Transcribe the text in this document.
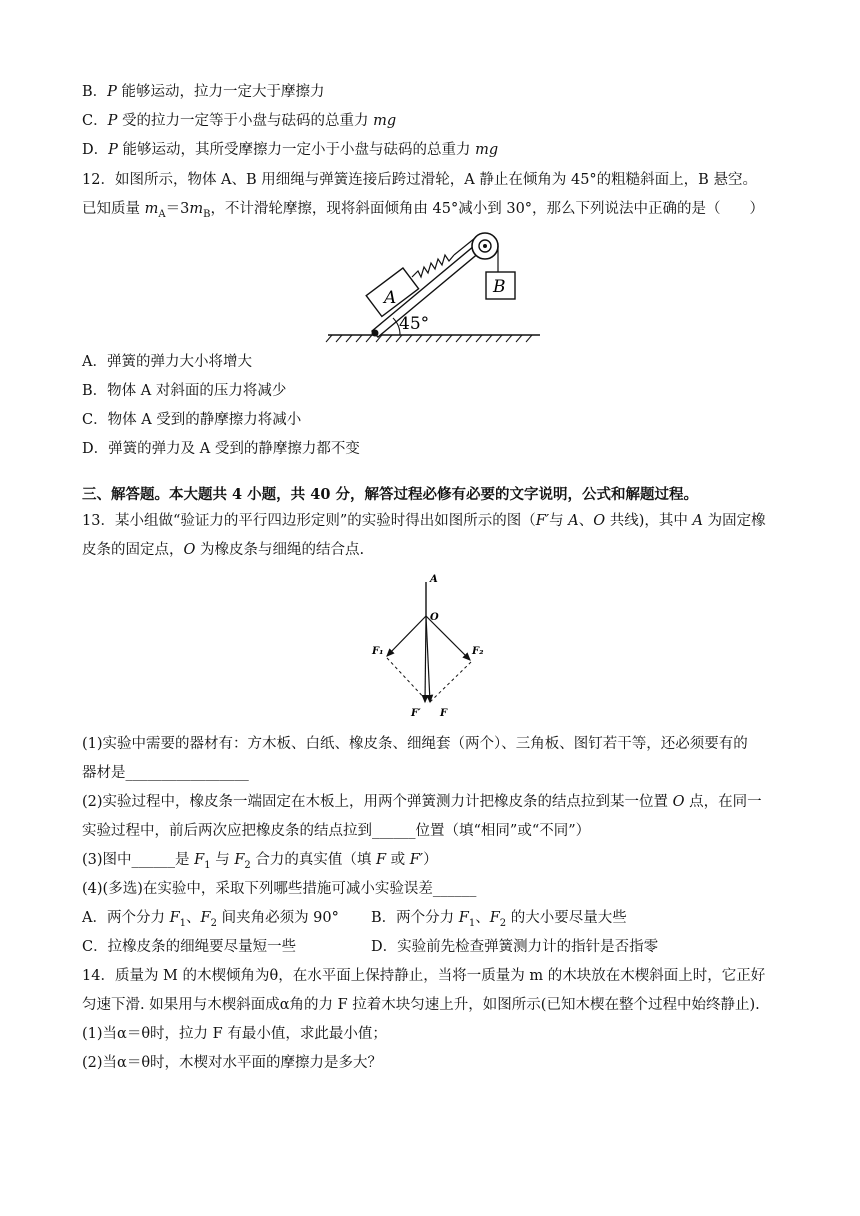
B．P 能够运动，拉力一定大于摩擦力
C．P 受的拉力一定等于小盘与砝码的总重力 mg
D．P 能够运动，其所受摩擦力一定小于小盘与砝码的总重力 mg
12．如图所示，物体 A、B 用细绳与弹簧连接后跨过滑轮，A 静止在倾角为 45°的粗糙斜面上，B 悬空。
已知质量 $m_A=3m_B$，不计滑轮摩擦，现将斜面倾角由 45°减小到 30°，那么下列说法中正确的是（　　）
A
B
45°
A．弹簧的弹力大小将增大
B．物体 A 对斜面的压力将减少
C．物体 A 受到的静摩擦力将减小
D．弹簧的弹力及 A 受到的静摩擦力都不变
三、解答题。本大题共 4 小题，共 40 分，解答过程必修有必要的文字说明，公式和解题过程。
13．某小组做“验证力的平行四边形定则”的实验时得出如图所示的图（F′与 A、O 共线)，其中 A 为固定橡
皮条的固定点，O 为橡皮条与细绳的结合点.
A
O
F₁	F₂
F′ F
(1)实验中需要的器材有：方木板、白纸、橡皮条、细绳套（两个）、三角板、图钉若干等，还必须要有的
器材是_________________
(2)实验过程中，橡皮条一端固定在木板上，用两个弹簧测力计把橡皮条的结点拉到某一位置 O 点，在同一
实验过程中，前后两次应把橡皮条的结点拉到______位置（填“相同”或“不同”）
(3)图中______是 $F_1$ 与 $F_2$ 合力的真实值（填 F 或 F′）
(4)(多选)在实验中，采取下列哪些措施可减小实验误差______
A．两个分力 $F_1$、$F_2$ 间夹角必须为 90° B．两个分力 $F_1$、$F_2$ 的大小要尽量大些
C．拉橡皮条的细绳要尽量短一些	D．实验前先检查弹簧测力计的指针是否指零
14．质量为 M 的木楔倾角为θ，在水平面上保持静止，当将一质量为 m 的木块放在木楔斜面上时，它正好
匀速下滑. 如果用与木楔斜面成α角的力 F 拉着木块匀速上升，如图所示(已知木楔在整个过程中始终静止).
(1)当α＝θ时，拉力 F 有最小值，求此最小值；
(2)当α＝θ时，木楔对水平面的摩擦力是多大？
